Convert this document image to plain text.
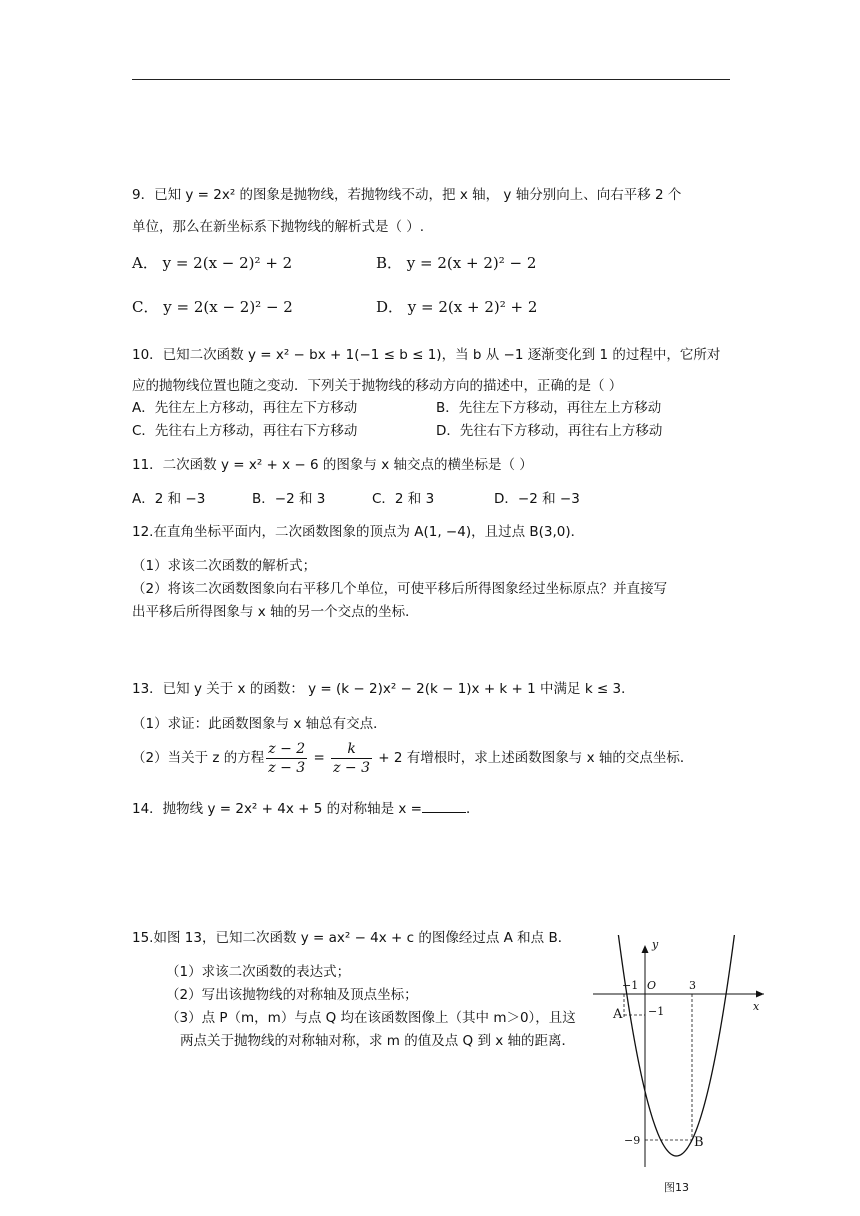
9．已知 y = 2x² 的图象是抛物线，若抛物线不动，把 x 轴， y 轴分别向上、向右平移 2 个
单位，那么在新坐标系下抛物线的解析式是（ ）.
A． y = 2(x − 2)² + 2	B． y = 2(x + 2)² − 2
C． y = 2(x − 2)² − 2	D． y = 2(x + 2)² + 2
10．已知二次函数 y = x² − bx + 1(−1 ≤ b ≤ 1)，当 b 从 −1 逐渐变化到 1 的过程中，它所对
应的抛物线位置也随之变动．下列关于抛物线的移动方向的描述中，正确的是（ ）
A．先往左上方移动，再往左下方移动	B．先往左下方移动，再往左上方移动
C．先往右上方移动，再往右下方移动	D．先往右下方移动，再往右上方移动
11．二次函数 y = x² + x − 6 的图象与 x 轴交点的横坐标是（ ）
A．2 和 −3	B．−2 和 3	C．2 和 3	D．−2 和 −3
12.在直角坐标平面内，二次函数图象的顶点为 A(1, −4)，且过点 B(3,0)．
（1）求该二次函数的解析式；
（2）将该二次函数图象向右平移几个单位，可使平移后所得图象经过坐标原点？并直接写
出平移后所得图象与 x 轴的另一个交点的坐标．
13．已知 y 关于 x 的函数： y = (k − 2)x² − 2(k − 1)x + k + 1 中满足 k ≤ 3．
（1）求证：此函数图象与 x 轴总有交点．
（2）当关于 z 的方程 $\frac{z - 2}{z - 3} = \frac{k}{z - 3} + 2$ 有增根时，求上述函数图象与 x 轴的交点坐标．
14．抛物线 y = 2x² + 4x + 5 的对称轴是 x =	．
15.如图 13，已知二次函数 y = ax² − 4x + c 的图像经过点 A 和点 B．
（1）求该二次函数的表达式；
（2）写出该抛物线的对称轴及顶点坐标；
（3）点 P（m，m）与点 Q 均在该函数图像上（其中 m＞0），且这
两点关于抛物线的对称轴对称，求 m 的值及点 Q 到 x 轴的距离．
y
x
O
−1	3
−1
−9
A
B
图13
